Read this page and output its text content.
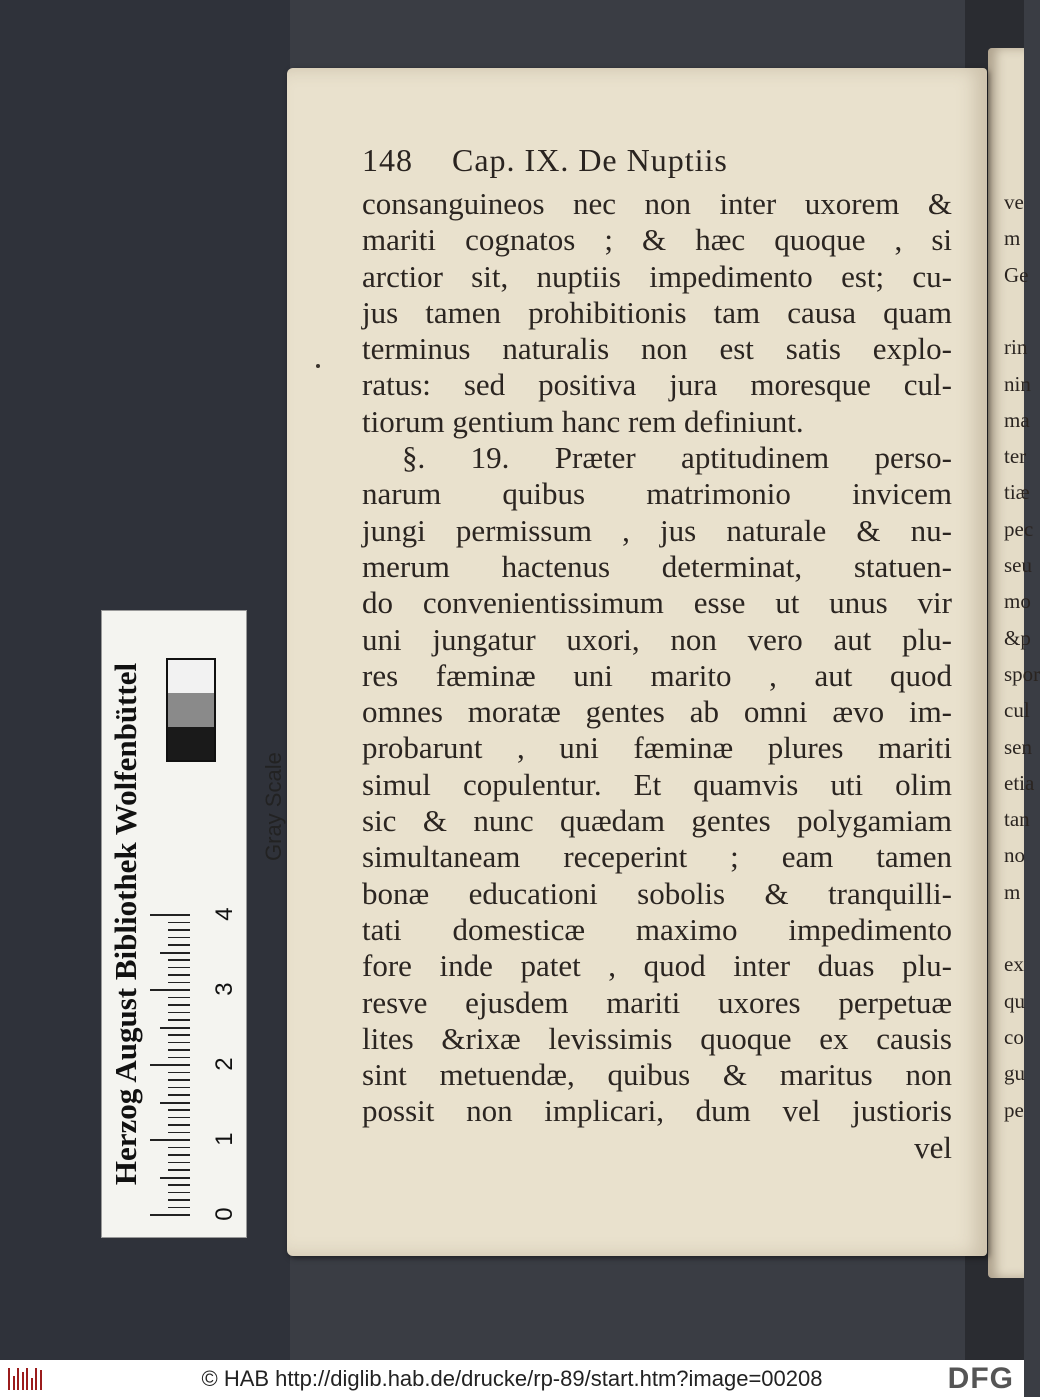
ve
m
Ge
rin
nin
ma
ter
tiæ
pec
seu
mo
&p
spor
cul
sen
etia
tan
no
m
ex
qu
co
gu
pe
148 Cap. IX. De Nuptiis
consanguineos nec non inter uxorem &
mariti cognatos ; & hæc quoque , si
arctior sit, nuptiis impedimento est; cu-
jus tamen prohibitionis tam causa quam
terminus naturalis non est satis explo-
ratus: sed positiva jura moresque cul-
tiorum gentium hanc rem definiunt.
§. 19. Præter aptitudinem perso-
narum quibus matrimonio invicem
jungi permissum , jus naturale & nu-
merum hactenus determinat, statuen-
do convenientissimum esse ut unus vir
uni jungatur uxori, non vero aut plu-
res fæminæ uni marito , aut quod
omnes moratæ gentes ab omni ævo im-
probarunt , uni fæminæ plures mariti
simul copulentur. Et quamvis uti olim
sic & nunc quædam gentes polygamiam
simultaneam receperint ; eam tamen
bonæ educationi sobolis & tranquilli-
tati domesticæ maximo impedimento
fore inde patet , quod inter duas plu-
resve ejusdem mariti uxores perpetuæ
lites &rixæ levissimis quoque ex causis
sint metuendæ, quibus & maritus non
possit non implicari, dum vel justioris
vel
Herzog August Bibliothek Wolfenbüttel	Gray Scale
0
1
2
3
4
© HAB http://diglib.hab.de/drucke/rp-89/start.htm?image=00208	DFG
